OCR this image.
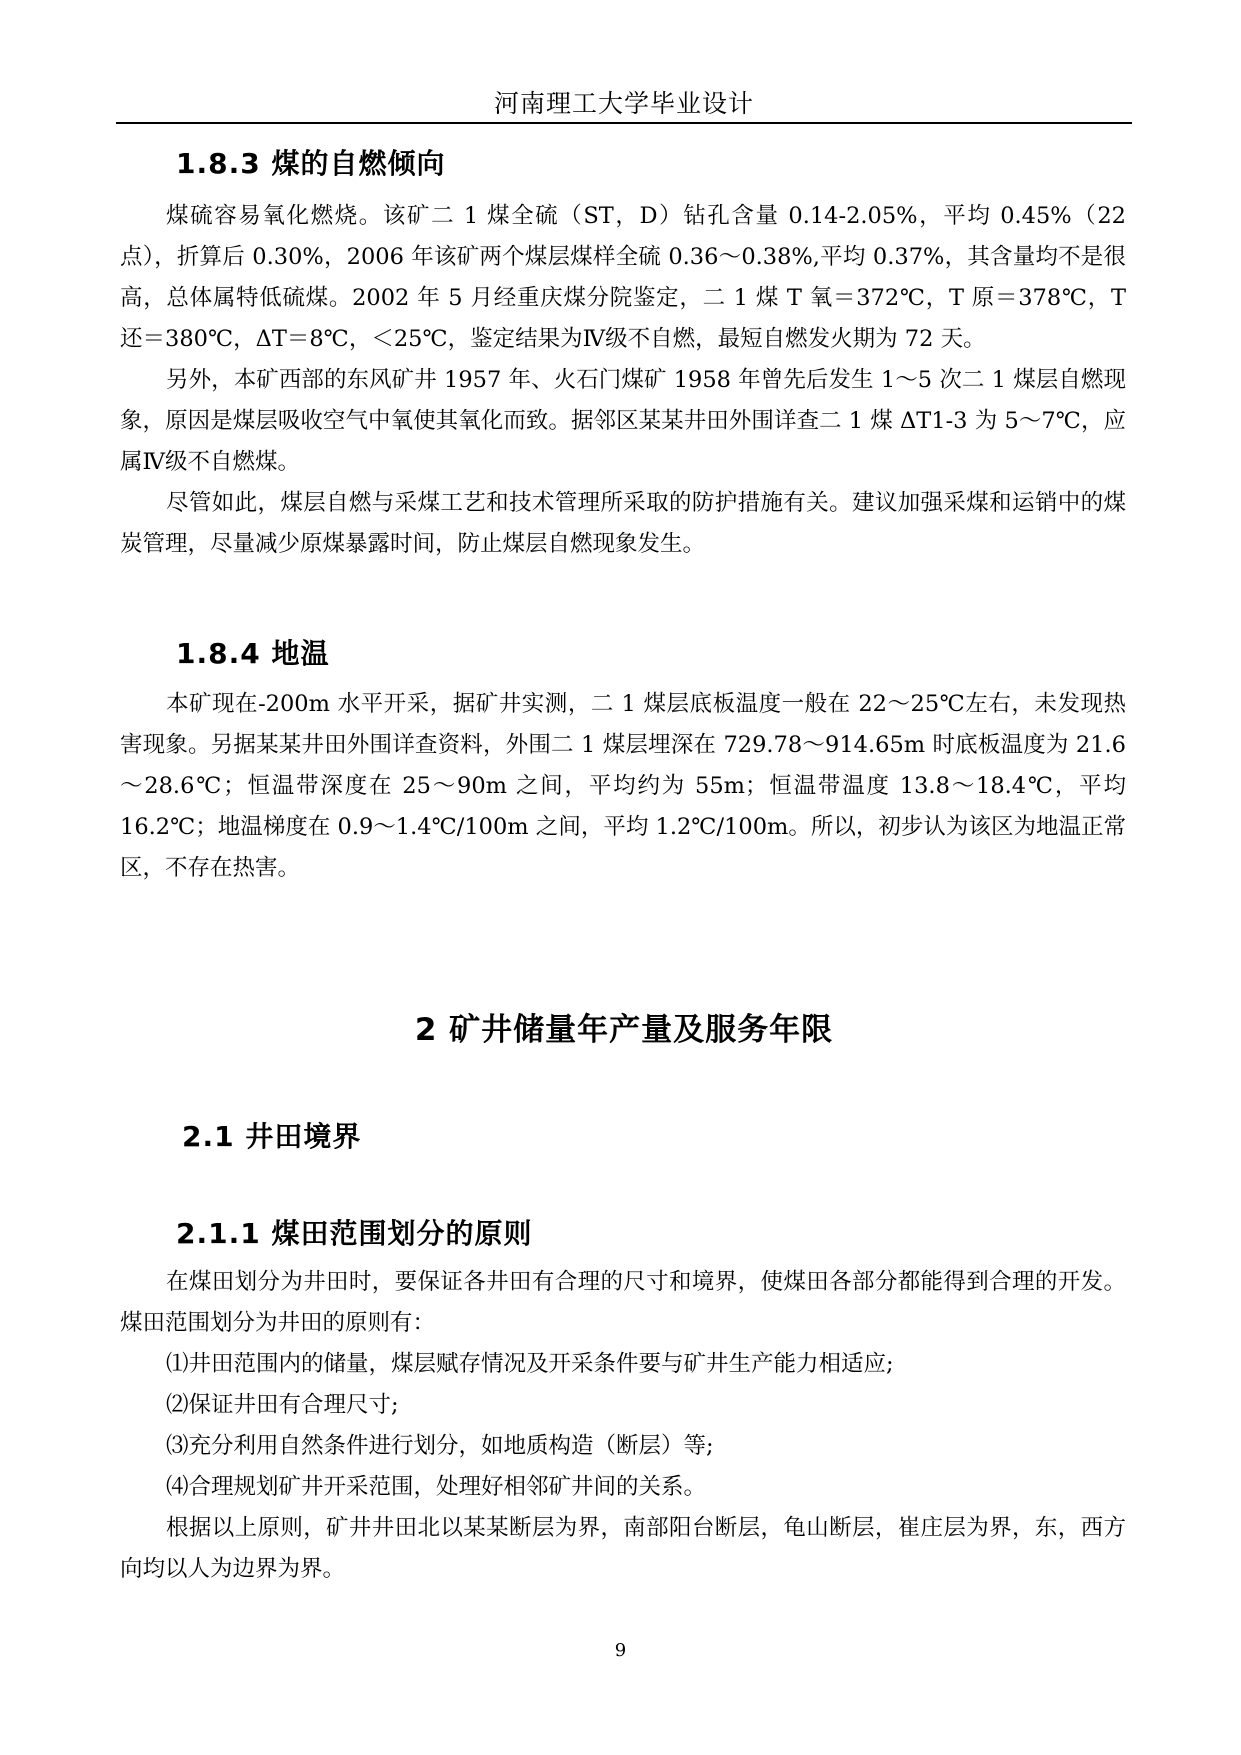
河南理工大学毕业设计
1.8.3 煤的自燃倾向

煤硫容易氧化燃烧。该矿二 1 煤全硫（ST，D）钻孔含量 0.14-2.05%，平均 0.45%（22 点），折算后 0.30%，2006 年该矿两个煤层煤样全硫 0.36～0.38%,平均 0.37%，其含量均不是很高，总体属特低硫煤。2002 年 5 月经重庆煤分院鉴定，二 1 煤 T 氧＝372℃，T 原＝378℃，T 还＝380℃，ΔT＝8℃，＜25℃，鉴定结果为Ⅳ级不自燃，最短自燃发火期为 72 天。

另外，本矿西部的东风矿井 1957 年、火石门煤矿 1958 年曾先后发生 1～5 次二 1 煤层自燃现象，原因是煤层吸收空气中氧使其氧化而致。据邻区某某井田外围详查二 1 煤 ΔT1-3 为 5～7℃，应属Ⅳ级不自燃煤。

尽管如此，煤层自燃与采煤工艺和技术管理所采取的防护措施有关。建议加强采煤和运销中的煤炭管理，尽量减少原煤暴露时间，防止煤层自燃现象发生。

1.8.4 地温

本矿现在-200m 水平开采，据矿井实测，二 1 煤层底板温度一般在 22～25℃左右，未发现热害现象。另据某某井田外围详查资料，外围二 1 煤层埋深在 729.78～914.65m 时底板温度为 21.6～28.6℃；恒温带深度在 25～90m 之间，平均约为 55m；恒温带温度 13.8～18.4℃，平均 16.2℃；地温梯度在 0.9～1.4℃/100m 之间，平均 1.2℃/100m。所以，初步认为该区为地温正常区，不存在热害。

2 矿井储量年产量及服务年限
2.1 井田境界
2.1.1 煤田范围划分的原则

在煤田划分为井田时，要保证各井田有合理的尺寸和境界，使煤田各部分都能得到合理的开发。煤田范围划分为井田的原则有：

⑴井田范围内的储量，煤层赋存情况及开采条件要与矿井生产能力相适应;

⑵保证井田有合理尺寸;

⑶充分利用自然条件进行划分，如地质构造（断层）等;

⑷合理规划矿井开采范围，处理好相邻矿井间的关系。

根据以上原则，矿井井田北以某某断层为界，南部阳台断层，龟山断层，崔庄层为界，东，西方向均以人为边界为界。

9
